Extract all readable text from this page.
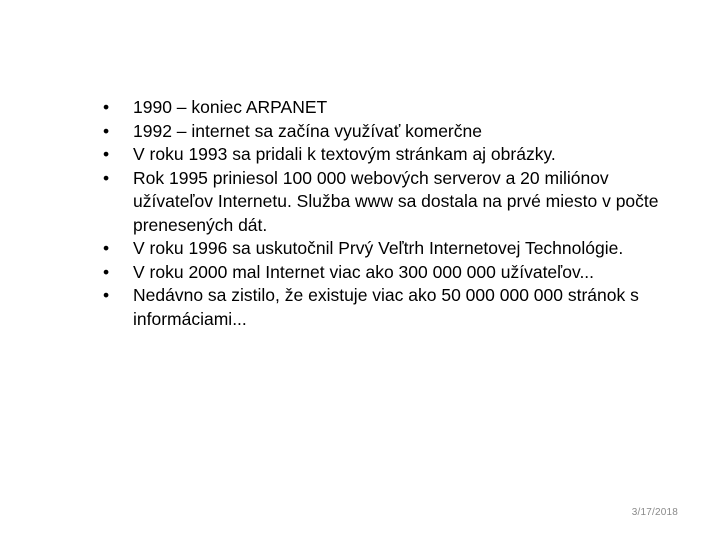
•	1990 – koniec ARPANET
•	1992 – internet sa začína využívať komerčne
•	V roku 1993 sa pridali k textovým stránkam aj obrázky.
•	Rok 1995 priniesol 100 000 webových serverov a 20 miliónov užívateľov Internetu. Služba www sa dostala na prvé miesto v počte prenesených dát.
•	V roku 1996 sa uskutočnil Prvý Veľtrh Internetovej Technológie.
•	V roku 2000 mal Internet viac ako 300 000 000 užívateľov...
•	Nedávno sa zistilo, že existuje viac ako 50 000 000 000 stránok s informáciami...
3/17/2018
